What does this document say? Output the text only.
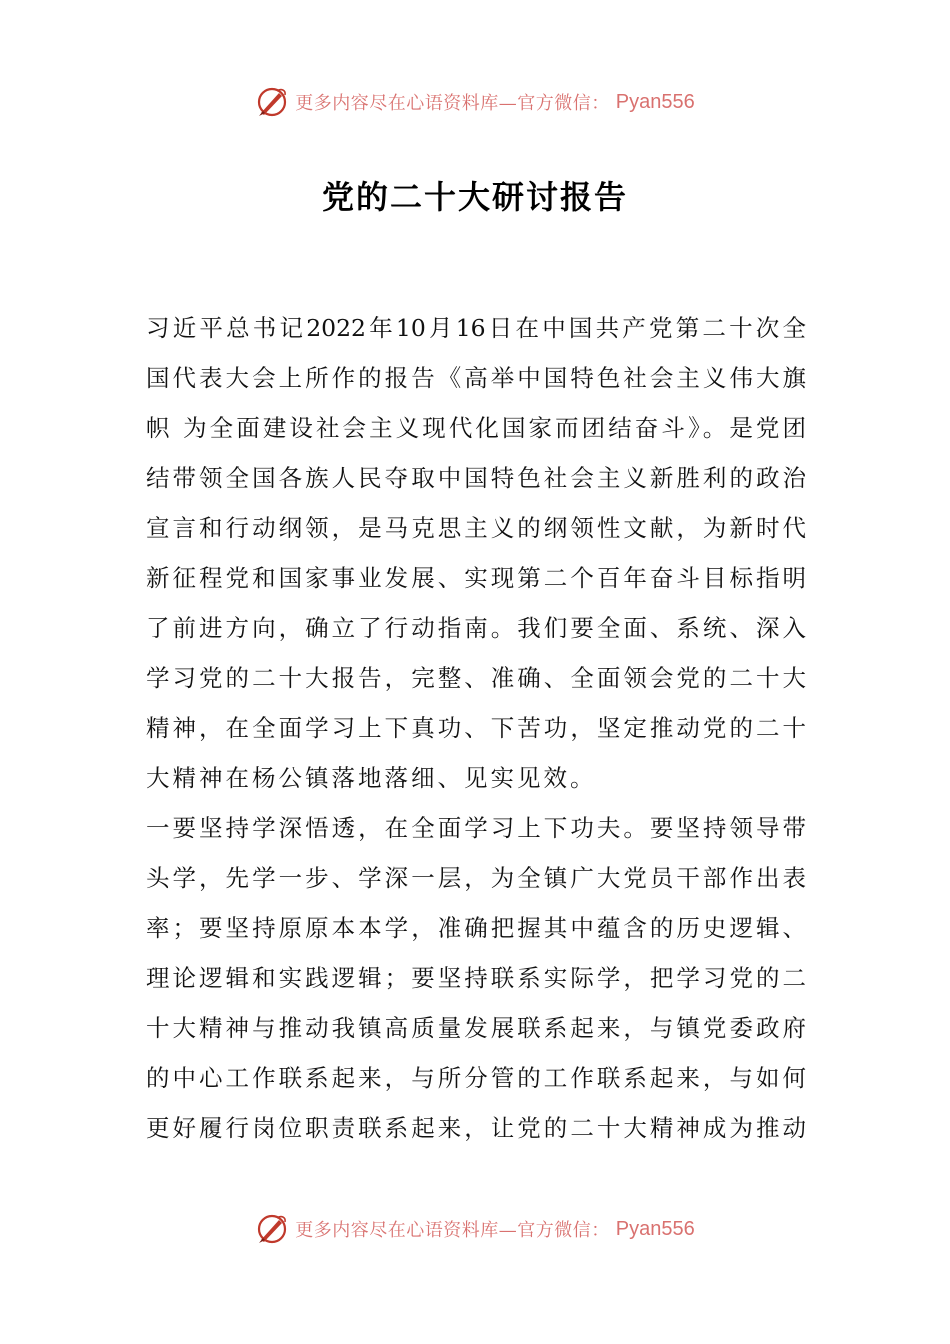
更多内容尽在心语资料库—官方微信： Pyan556
党的二十大研讨报告
习近平总书记2022年10月16日在中国共产党第二十次全
国代表大会上所作的报告《高举中国特色社会主义伟大旗
帜 为全面建设社会主义现代化国家而团结奋斗》。是党团
结带领全国各族人民夺取中国特色社会主义新胜利的政治
宣言和行动纲领，是马克思主义的纲领性文献，为新时代
新征程党和国家事业发展、实现第二个百年奋斗目标指明
了前进方向，确立了行动指南。我们要全面、系统、深入
学习党的二十大报告，完整、准确、全面领会党的二十大
精神，在全面学习上下真功、下苦功，坚定推动党的二十
大精神在杨公镇落地落细、见实见效。
一要坚持学深悟透，在全面学习上下功夫。要坚持领导带
头学，先学一步、学深一层，为全镇广大党员干部作出表
率；要坚持原原本本学，准确把握其中蕴含的历史逻辑、
理论逻辑和实践逻辑；要坚持联系实际学，把学习党的二
十大精神与推动我镇高质量发展联系起来，与镇党委政府
的中心工作联系起来，与所分管的工作联系起来，与如何
更好履行岗位职责联系起来，让党的二十大精神成为推动
更多内容尽在心语资料库—官方微信： Pyan556
